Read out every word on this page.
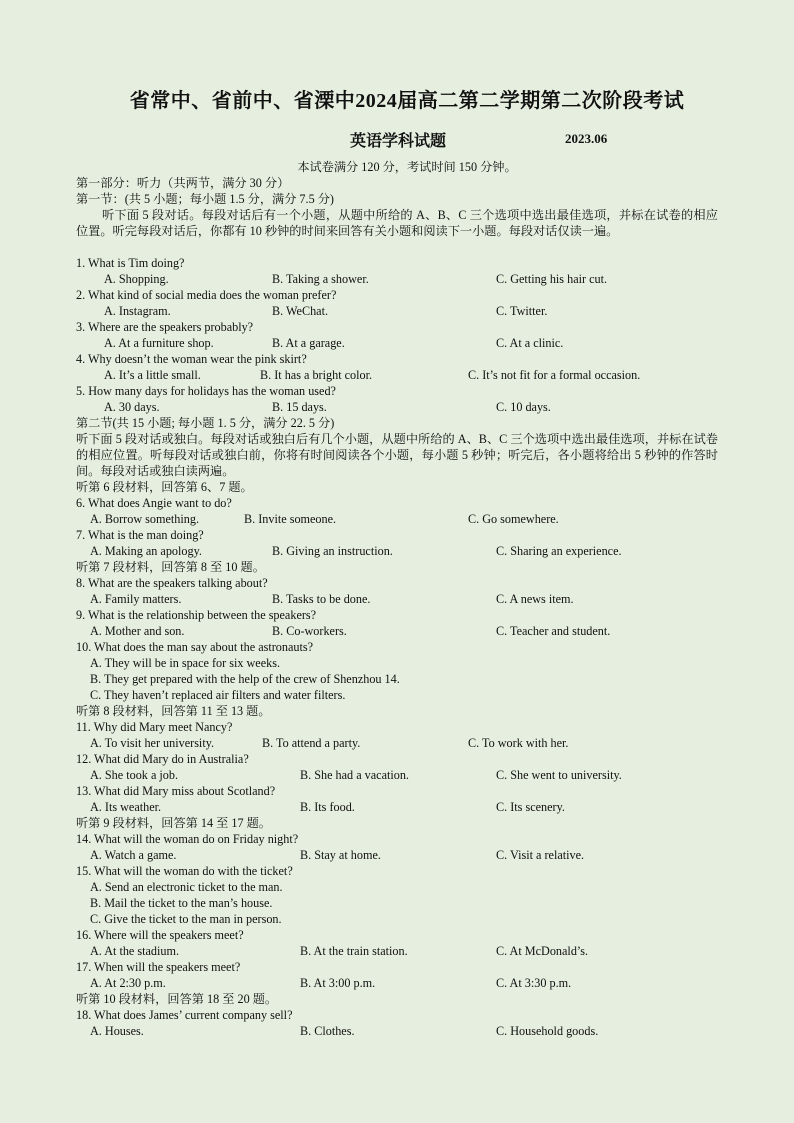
省常中、省前中、省溧中2024届高二第二学期第二次阶段考试
英语学科试题	2023.06
本试卷满分 120 分，考试时间 150 分钟。
第一部分：听力（共两节，满分 30 分）
第一节：(共 5 小题；每小题 1.5 分，满分 7.5 分)
听下面 5 段对话。每段对话后有一个小题，从题中所给的 A、B、C 三个选项中选出最佳选项，并标在试卷的相应位置。听完每段对话后，你都有 10 秒钟的时间来回答有关小题和阅读下一小题。每段对话仅读一遍。
1. What is Tim doing?
A. Shopping.	B. Taking a shower.	C. Getting his hair cut.
2. What kind of social media does the woman prefer?
A. Instagram.	B. WeChat.	C. Twitter.
3. Where are the speakers probably?
A. At a furniture shop.	B. At a garage.	C. At a clinic.
4. Why doesn’t the woman wear the pink skirt?
A. It’s a little small.	B. It has a bright color.	C. It’s not fit for a formal occasion.
5. How many days for holidays has the woman used?
A. 30 days.	B. 15 days.	C. 10 days.
第二节(共 15 小题; 每小题 1. 5 分，满分 22. 5 分)
听下面 5 段对话或独白。每段对话或独白后有几个小题，从题中所给的 A、B、C 三个选项中选出最佳选项，并标在试卷的相应位置。听每段对话或独白前，你将有时间阅读各个小题，每小题 5 秒钟；听完后，各小题将给出 5 秒钟的作答时间。每段对话或独白读两遍。
听第 6 段材料，回答第 6、7 题。
6. What does Angie want to do?
A. Borrow something.	B. Invite someone.	C. Go somewhere.
7. What is the man doing?
A. Making an apology.	B. Giving an instruction.	C. Sharing an experience.
听第 7 段材料，回答第 8 至 10 题。
8. What are the speakers talking about?
A. Family matters.	B. Tasks to be done.	C. A news item.
9. What is the relationship between the speakers?
A. Mother and son.	B. Co-workers.	C. Teacher and student.
10. What does the man say about the astronauts?
A. They will be in space for six weeks.
B. They get prepared with the help of the crew of Shenzhou 14.
C. They haven’t replaced air filters and water filters.
听第 8 段材料，回答第 11 至 13 题。
11. Why did Mary meet Nancy?
A. To visit her university.	B. To attend a party.	C. To work with her.
12. What did Mary do in Australia?
A. She took a job.	B. She had a vacation.	C. She went to university.
13. What did Mary miss about Scotland?
A. Its weather.	B. Its food.	C. Its scenery.
听第 9 段材料，回答第 14 至 17 题。
14. What will the woman do on Friday night?
A. Watch a game.	B. Stay at home.	C. Visit a relative.
15. What will the woman do with the ticket?
A. Send an electronic ticket to the man.
B. Mail the ticket to the man’s house.
C. Give the ticket to the man in person.
16. Where will the speakers meet?
A. At the stadium.	B. At the train station.	C. At McDonald’s.
17. When will the speakers meet?
A. At 2:30 p.m.	B. At 3:00 p.m.	C. At 3:30 p.m.
听第 10 段材料，回答第 18 至 20 题。
18. What does James’ current company sell?
A. Houses.	B. Clothes.	C. Household goods.
